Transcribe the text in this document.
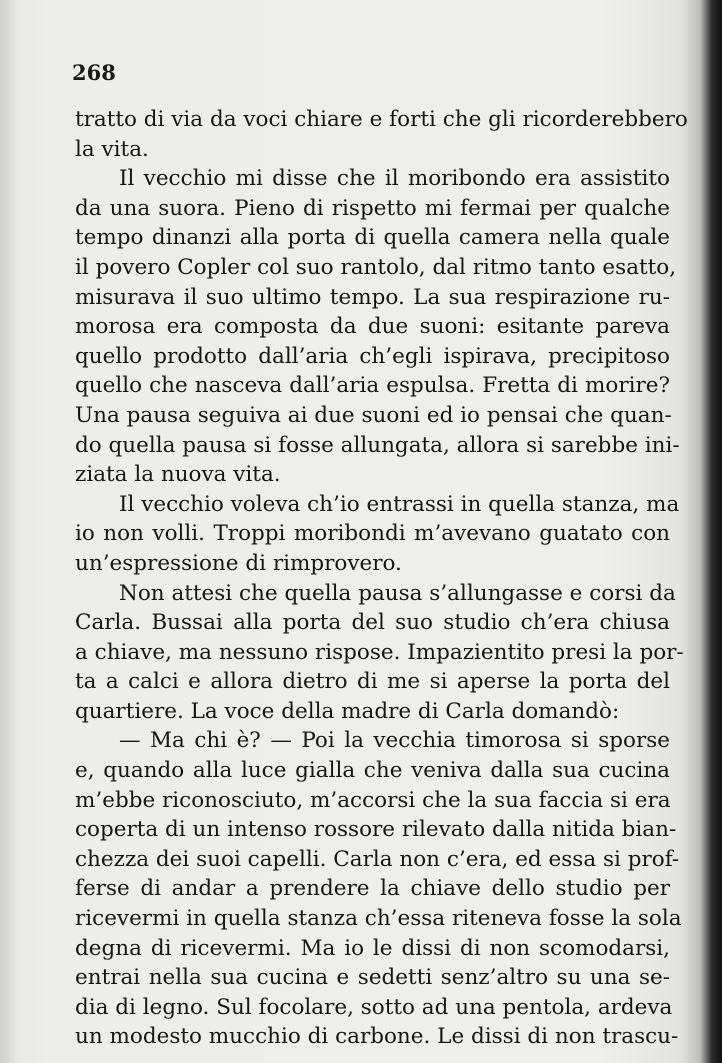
268
tratto di via da voci chiare e forti che gli ricorderebbero
la vita.
Il vecchio mi disse che il moribondo era assistito
da una suora. Pieno di rispetto mi fermai per qualche
tempo dinanzi alla porta di quella camera nella quale
il povero Copler col suo rantolo, dal ritmo tanto esatto,
misurava il suo ultimo tempo. La sua respirazione ru-
morosa era composta da due suoni: esitante pareva
quello prodotto dall’aria ch’egli ispirava, precipitoso
quello che nasceva dall’aria espulsa. Fretta di morire?
Una pausa seguiva ai due suoni ed io pensai che quan-
do quella pausa si fosse allungata, allora si sarebbe ini-
ziata la nuova vita.
Il vecchio voleva ch’io entrassi in quella stanza, ma
io non volli. Troppi moribondi m’avevano guatato con
un’espressione di rimprovero.
Non attesi che quella pausa s’allungasse e corsi da
Carla. Bussai alla porta del suo studio ch’era chiusa
a chiave, ma nessuno rispose. Impazientito presi la por-
ta a calci e allora dietro di me si aperse la porta del
quartiere. La voce della madre di Carla domandò:
— Ma chi è? — Poi la vecchia timorosa si sporse
e, quando alla luce gialla che veniva dalla sua cucina
m’ebbe riconosciuto, m’accorsi che la sua faccia si era
coperta di un intenso rossore rilevato dalla nitida bian-
chezza dei suoi capelli. Carla non c’era, ed essa si prof-
ferse di andar a prendere la chiave dello studio per
ricevermi in quella stanza ch’essa riteneva fosse la sola
degna di ricevermi. Ma io le dissi di non scomodarsi,
entrai nella sua cucina e sedetti senz’altro su una se-
dia di legno. Sul focolare, sotto ad una pentola, ardeva
un modesto mucchio di carbone. Le dissi di non trascu-
